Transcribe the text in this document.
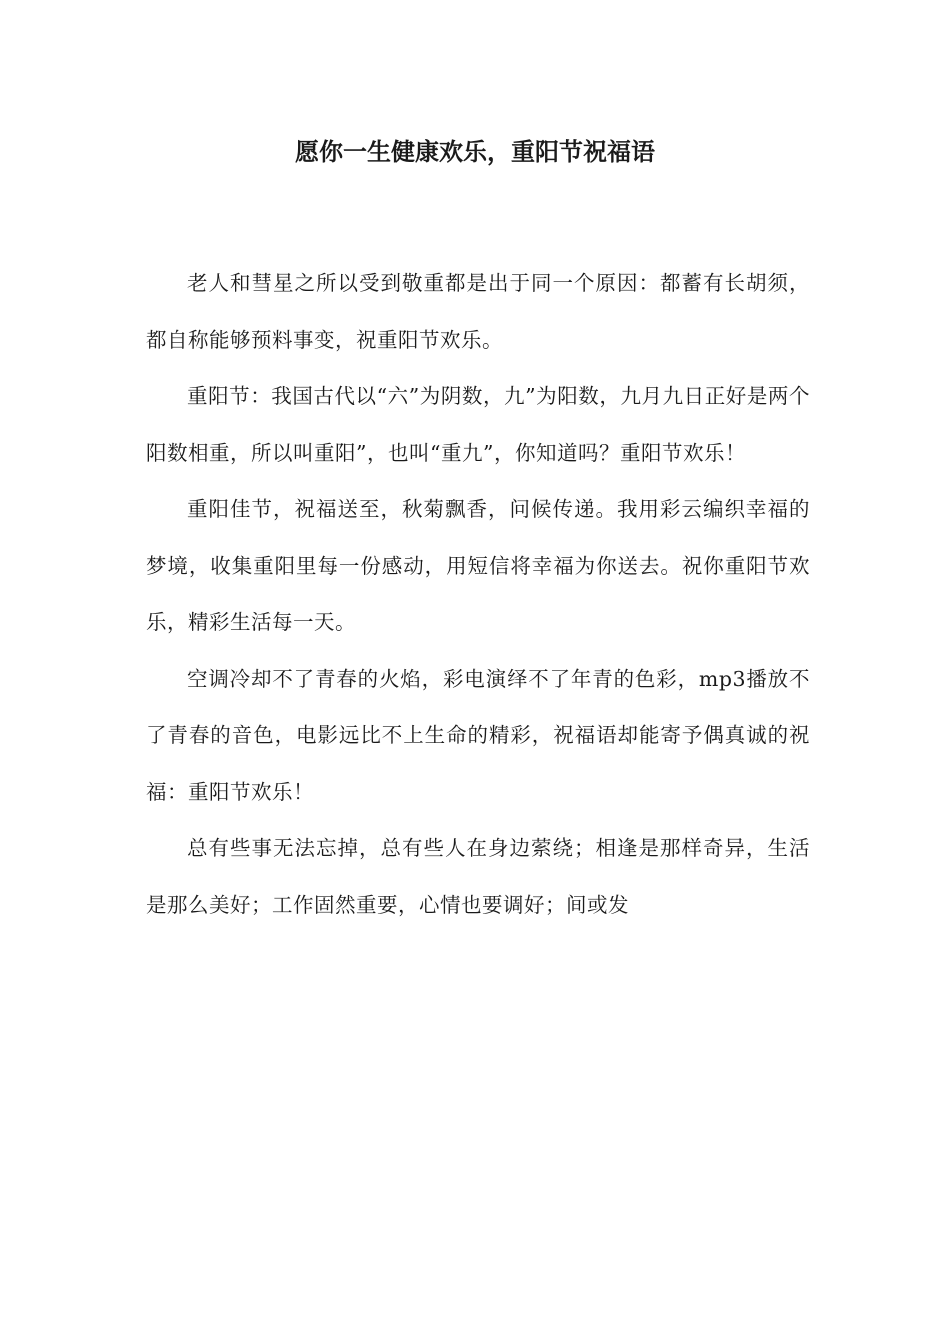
愿你一生健康欢乐，重阳节祝福语

老人和彗星之所以受到敬重都是出于同一个原因：都蓄有长胡须，都自称能够预料事变，祝重阳节欢乐。

重阳节：我国古代以“六”为阴数，九”为阳数，九月九日正好是两个阳数相重，所以叫重阳”，也叫“重九”，你知道吗？重阳节欢乐！

重阳佳节，祝福送至，秋菊飘香，问候传递。我用彩云编织幸福的梦境，收集重阳里每一份感动，用短信将幸福为你送去。祝你重阳节欢乐，精彩生活每一天。

空调冷却不了青春的火焰，彩电演绎不了年青的色彩，mp3播放不了青春的音色，电影远比不上生命的精彩，祝福语却能寄予偶真诚的祝福：重阳节欢乐！

总有些事无法忘掉，总有些人在身边萦绕；相逢是那样奇异，生活是那么美好；工作固然重要，心情也要调好；间或发
